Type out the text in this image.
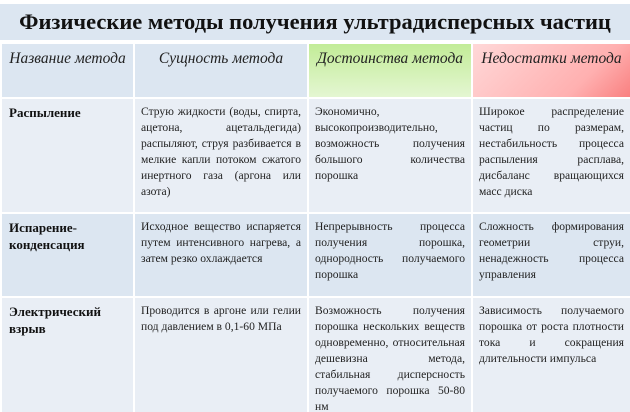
Физические методы получения ультрадисперсных частиц
Название метода	Сущность метода	Достоинства метода	Недостатки метода
Распыление	Струю жидкости (воды, спирта, ацетона, ацетальдегида) распыляют, струя разбивается в мелкие капли потоком сжатого инертного газа (аргона или азота)	Экономично, высокопроизводительно, возможность получения большого количества порошка	Широкое распределение частиц по размерам, нестабильность процесса распыления расплава, дисбаланс вращающихся масс диска
Испарение-конденсация	Исходное вещество испаряется путем интенсивного нагрева, а затем резко охлаждается	Непрерывность процесса получения порошка, однородность получаемого порошка	Сложность формирования геометрии струи, ненадежность процесса управления
Электрический взрыв	Проводится в аргоне или гелии под давлением в 0,1-60 МПа	Возможность получения порошка нескольких веществ одновременно, относительная дешевизна метода, стабильная дисперсность получаемого порошка 50-80 нм	Зависимость получаемого порошка от роста плотности тока и сокращения длительности импульса
